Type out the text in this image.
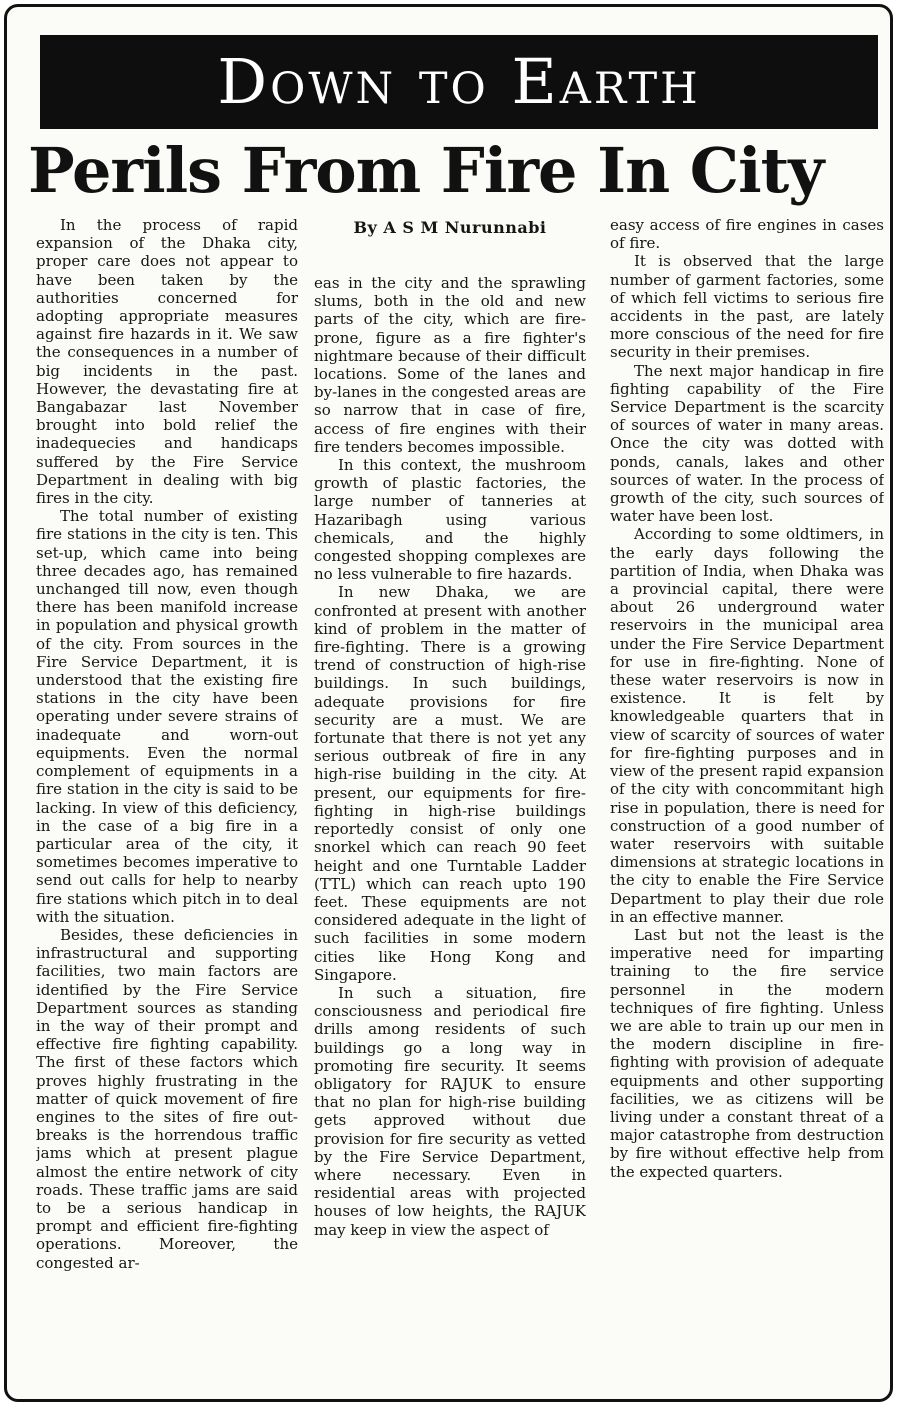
Down to Earth
Perils From Fire In City

In the process of rapid expansion of the Dhaka city, proper care does not appear to have been taken by the authorities concerned for adopting appropriate measures against fire hazards in it. We saw the consequences in a number of big incidents in the past. However, the devastating fire at Bangabazar last November brought into bold relief the inadequecies and handicaps suffered by the Fire Service Department in dealing with big fires in the city.

The total number of existing fire stations in the city is ten. This set-up, which came into being three decades ago, has remained unchanged till now, even though there has been manifold increase in population and physical growth of the city. From sources in the Fire Service Department, it is understood that the existing fire stations in the city have been operating under severe strains of inadequate and worn-out equipments. Even the normal complement of equipments in a fire station in the city is said to be lacking. In view of this deficiency, in the case of a big fire in a particular area of the city, it sometimes becomes imperative to send out calls for help to nearby fire stations which pitch in to deal with the situation.

Besides, these deficiencies in infrastructural and supporting facilities, two main factors are identified by the Fire Service Department sources as standing in the way of their prompt and effective fire fighting capability. The first of these factors which proves highly frustrating in the matter of quick movement of fire engines to the sites of fire out-breaks is the horrendous traffic jams which at present plague almost the entire network of city roads. These traffic jams are said to be a serious handicap in prompt and efficient fire-fighting operations. Moreover, the congested ar-

By A S M Nurunnabi

eas in the city and the sprawling slums, both in the old and new parts of the city, which are fire-prone, figure as a fire fighter's nightmare because of their difficult locations. Some of the lanes and by-lanes in the congested areas are so narrow that in case of fire, access of fire engines with their fire tenders becomes impossible.

In this context, the mushroom growth of plastic factories, the large number of tanneries at Hazaribagh using various chemicals, and the highly congested shopping complexes are no less vulnerable to fire hazards.

In new Dhaka, we are confronted at present with another kind of problem in the matter of fire-fighting. There is a growing trend of construction of high-rise buildings. In such buildings, adequate provisions for fire security are a must. We are fortunate that there is not yet any serious outbreak of fire in any high-rise building in the city. At present, our equipments for fire-fighting in high-rise buildings reportedly consist of only one snorkel which can reach 90 feet height and one Turntable Ladder (TTL) which can reach upto 190 feet. These equipments are not considered adequate in the light of such facilities in some modern cities like Hong Kong and Singapore.

In such a situation, fire consciousness and periodical fire drills among residents of such buildings go a long way in promoting fire security. It seems obligatory for RAJUK to ensure that no plan for high-rise building gets approved without due provision for fire security as vetted by the Fire Service Department, where necessary. Even in residential areas with projected houses of low heights, the RAJUK may keep in view the aspect of

easy access of fire engines in cases of fire.

It is observed that the large number of garment factories, some of which fell victims to serious fire accidents in the past, are lately more conscious of the need for fire security in their premises.

The next major handicap in fire fighting capability of the Fire Service Department is the scarcity of sources of water in many areas. Once the city was dotted with ponds, canals, lakes and other sources of water. In the process of growth of the city, such sources of water have been lost.

According to some oldtimers, in the early days following the partition of India, when Dhaka was a provincial capital, there were about 26 underground water reservoirs in the municipal area under the Fire Service Department for use in fire-fighting. None of these water reservoirs is now in existence. It is felt by knowledgeable quarters that in view of scarcity of sources of water for fire-fighting purposes and in view of the present rapid expansion of the city with concommitant high rise in population, there is need for construction of a good number of water reservoirs with suitable dimensions at strategic locations in the city to enable the Fire Service Department to play their due role in an effective manner.

Last but not the least is the imperative need for imparting training to the fire service personnel in the modern techniques of fire fighting. Unless we are able to train up our men in the modern discipline in fire-fighting with provision of adequate equipments and other supporting facilities, we as citizens will be living under a constant threat of a major catastrophe from destruction by fire without effective help from the expected quarters.
